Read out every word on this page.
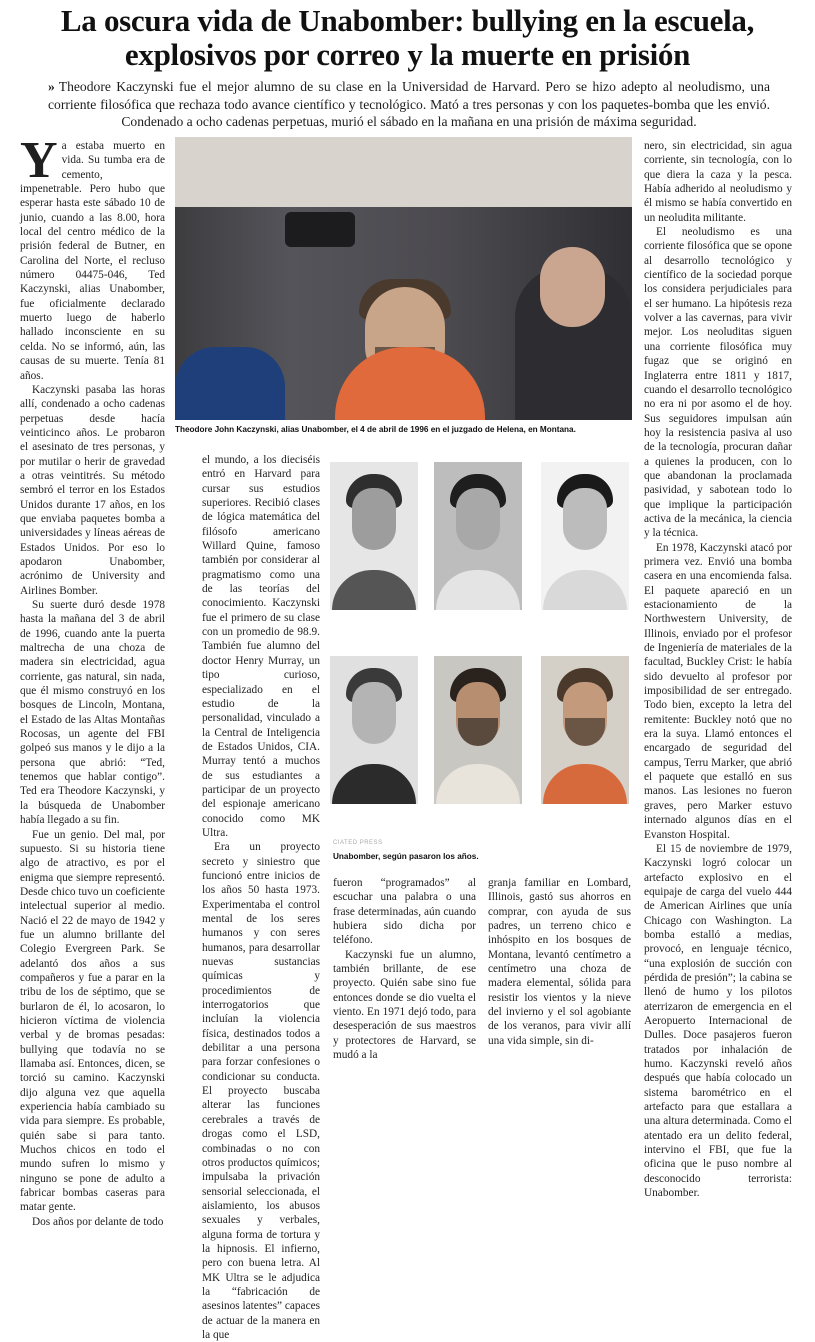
La oscura vida de Unabomber: bullying en la escuela,
explosivos por correo y la muerte en prisión
» Theodore Kaczynski fue el mejor alumno de su clase en la Universidad de Harvard. Pero se hizo adepto al neoludismo, una corriente filosófica que rechaza todo avance científico y tecnológico. Mató a tres personas y con los paquetes-bomba que les envió. Condenado a ocho cadenas perpetuas, murió el sábado en la mañana en una prisión de máxima seguridad.

Ya estaba muerto en vida. Su tumba era de cemento, impenetrable. Pero hubo que esperar hasta este sábado 10 de junio, cuando a las 8.00, hora local del centro médico de la prisión federal de Butner, en Carolina del Norte, el recluso número 04475-046, Ted Kaczynski, alias Unabomber, fue oficialmente declarado muerto luego de haberlo hallado inconsciente en su celda. No se informó, aún, las causas de su muerte. Tenía 81 años.

Kaczynski pasaba las horas allí, condenado a ocho cadenas perpetuas desde hacía veinticinco años. Le probaron el asesinato de tres personas, y por mutilar o herir de gravedad a otras veintitrés. Su método sembró el terror en los Estados Unidos durante 17 años, en los que enviaba paquetes bomba a universidades y líneas aéreas de Estados Unidos. Por eso lo apodaron Unabomber, acrónimo de University and Airlines Bomber.

Su suerte duró desde 1978 hasta la mañana del 3 de abril de 1996, cuando ante la puerta maltrecha de una choza de madera sin electricidad, agua corriente, gas natural, sin nada, que él mismo construyó en los bosques de Lincoln, Montana, el Estado de las Altas Montañas Rocosas, un agente del FBI golpeó sus manos y le dijo a la persona que abrió: “Ted, tenemos que hablar contigo”. Ted era Theodore Kaczynski, y la búsqueda de Unabomber había llegado a su fin.

Fue un genio. Del mal, por supuesto. Si su historia tiene algo de atractivo, es por el enigma que siempre representó. Desde chico tuvo un coeficiente intelectual superior al medio. Nació el 22 de mayo de 1942 y fue un alumno brillante del Colegio Evergreen Park. Se adelantó dos años a sus compañeros y fue a parar en la tribu de los de séptimo, que se burlaron de él, lo acosaron, lo hicieron víctima de violencia verbal y de bromas pesadas: bullying que todavía no se llamaba así. Entonces, dicen, se torció su camino. Kaczynski dijo alguna vez que aquella experiencia había cambiado su vida para siempre. Es probable, quién sabe si para tanto. Muchos chicos en todo el mundo sufren lo mismo y ninguno se pone de adulto a fabricar bombas caseras para matar gente.

Dos años por delante de todo

Theodore John Kaczynski, alias Unabomber, el 4 de abril de 1996 en el juzgado de Helena, en Montana.

el mundo, a los dieciséis entró en Harvard para cursar sus estudios superiores. Recibió clases de lógica matemática del filósofo americano Willard Quine, famoso también por considerar al pragmatismo como una de las teorías del conocimiento. Kaczynski fue el primero de su clase con un promedio de 98.9. También fue alumno del doctor Henry Murray, un tipo curioso, especializado en el estudio de la personalidad, vinculado a la Central de Inteligencia de Estados Unidos, CIA. Murray tentó a muchos de sus estudiantes a participar de un proyecto del espionaje americano conocido como MK Ultra.

Era un proyecto secreto y siniestro que funcionó entre inicios de los años 50 hasta 1973. Experimentaba el control mental de los seres humanos y con seres humanos, para desarrollar nuevas sustancias químicas y procedimientos de interrogatorios que incluían la violencia física, destinados todos a debilitar a una persona para forzar confesiones o condicionar su conducta. El proyecto buscaba alterar las funciones cerebrales a través de drogas como el LSD, combinadas o no con otros productos químicos; impulsaba la privación sensorial seleccionada, el aislamiento, los abusos sexuales y verbales, alguna forma de tortura y la hipnosis. El infierno, pero con buena letra. Al MK Ultra se le adjudica la “fabricación de asesinos latentes” capaces de actuar de la manera en la que

CIATED PRESS
Unabomber, según pasaron los años.

fueron “programados” al escuchar una palabra o una frase determinadas, aún cuando hubiera sido dicha por teléfono.

Kaczynski fue un alumno, también brillante, de ese proyecto. Quién sabe sino fue entonces donde se dio vuelta el viento. En 1971 dejó todo, para desesperación de sus maestros y protectores de Harvard, se mudó a la

granja familiar en Lombard, Illinois, gastó sus ahorros en comprar, con ayuda de sus padres, un terreno chico e inhóspito en los bosques de Montana, levantó centímetro a centímetro una choza de madera elemental, sólida para resistir los vientos y la nieve del invierno y el sol agobiante de los veranos, para vivir allí una vida simple, sin di-

nero, sin electricidad, sin agua corriente, sin tecnología, con lo que diera la caza y la pesca. Había adherido al neoludismo y él mismo se había convertido en un neoludita militante.

El neoludismo es una corriente filosófica que se opone al desarrollo tecnológico y científico de la sociedad porque los considera perjudiciales para el ser humano. La hipótesis reza volver a las cavernas, para vivir mejor. Los neoluditas siguen una corriente filosófica muy fugaz que se originó en Inglaterra entre 1811 y 1817, cuando el desarrollo tecnológico no era ni por asomo el de hoy. Sus seguidores impulsan aún hoy la resistencia pasiva al uso de la tecnología, procuran dañar a quienes la producen, con lo que abandonan la proclamada pasividad, y sabotean todo lo que implique la participación activa de la mecánica, la ciencia y la técnica.

En 1978, Kaczynski atacó por primera vez. Envió una bomba casera en una encomienda falsa. El paquete apareció en un estacionamiento de la Northwestern University, de Illinois, enviado por el profesor de Ingeniería de materiales de la facultad, Buckley Crist: le había sido devuelto al profesor por imposibilidad de ser entregado. Todo bien, excepto la letra del remitente: Buckley notó que no era la suya. Llamó entonces el encargado de seguridad del campus, Terru Marker, que abrió el paquete que estalló en sus manos. Las lesiones no fueron graves, pero Marker estuvo internado algunos días en el Evanston Hospital.

El 15 de noviembre de 1979, Kaczynski logró colocar un artefacto explosivo en el equipaje de carga del vuelo 444 de American Airlines que unía Chicago con Washington. La bomba estalló a medias, provocó, en lenguaje técnico, “una explosión de succión con pérdida de presión”; la cabina se llenó de humo y los pilotos aterrizaron de emergencia en el Aeropuerto Internacional de Dulles. Doce pasajeros fueron tratados por inhalación de humo. Kaczynski reveló años después que había colocado un sistema barométrico en el artefacto para que estallara a una altura determinada. Como el atentado era un delito federal, intervino el FBI, que fue la oficina que le puso nombre al desconocido terrorista: Unabomber.
